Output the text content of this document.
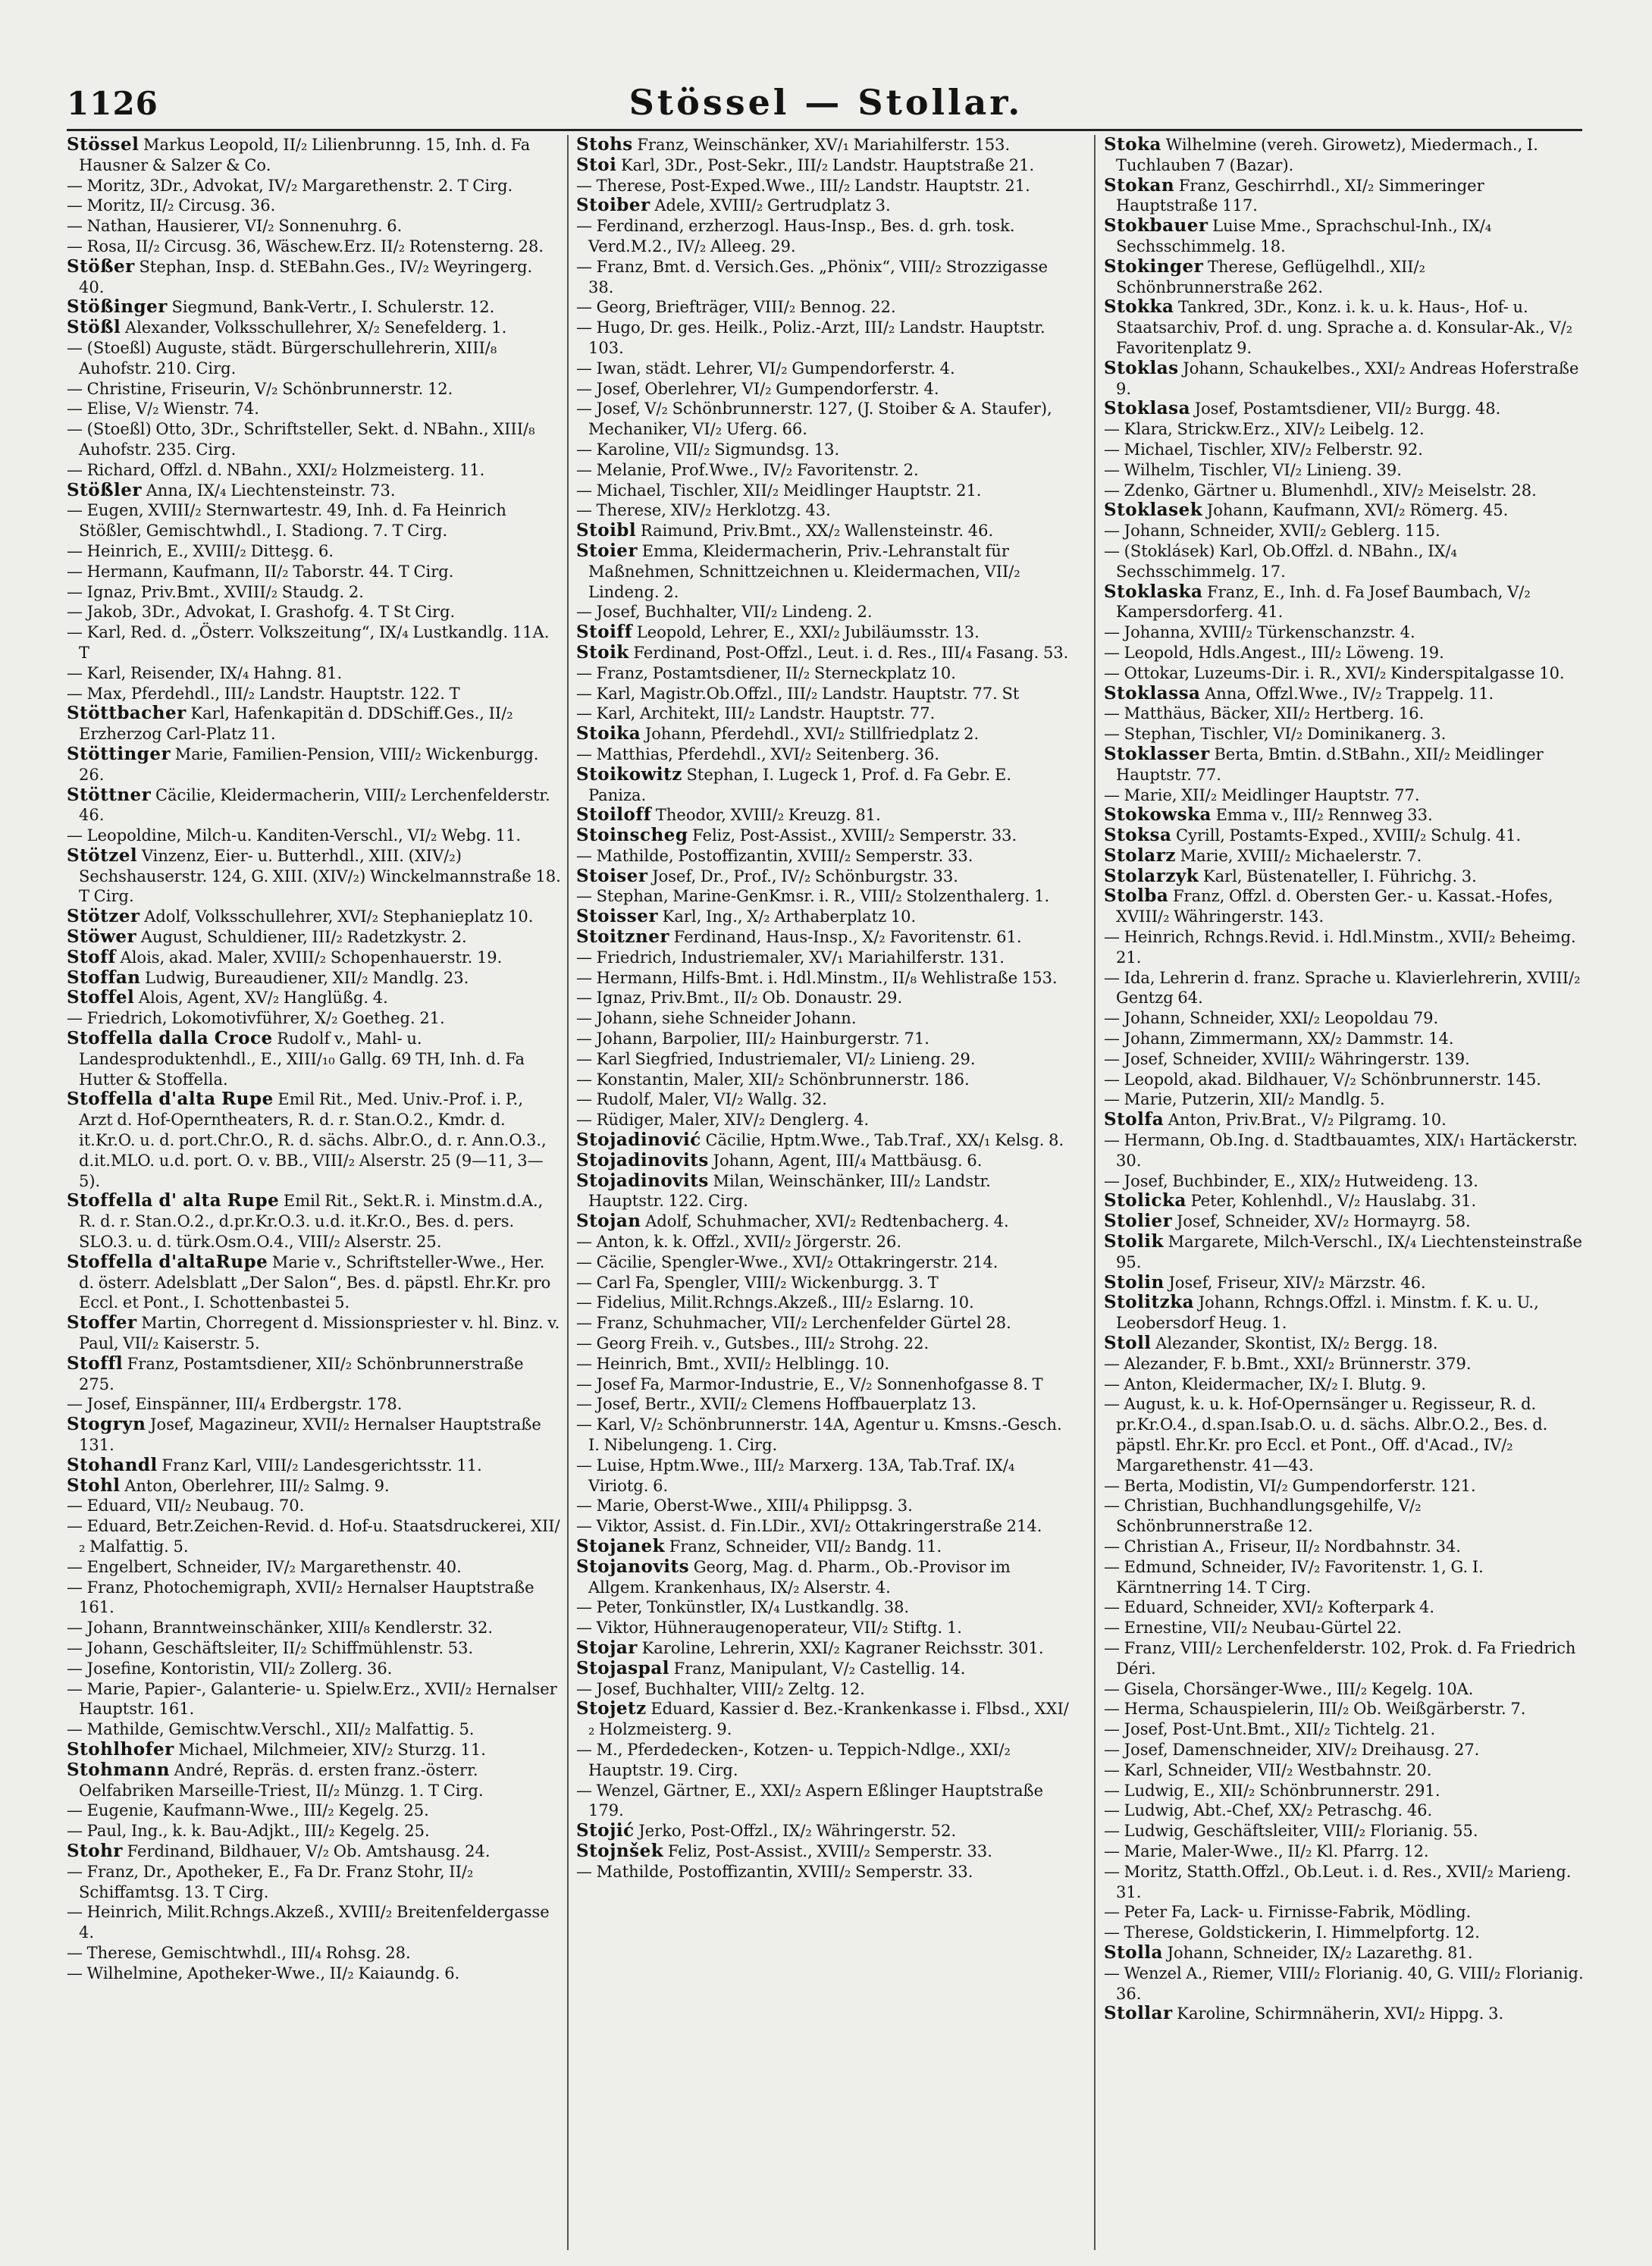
1126	Stössel — Stollar.

Stössel Markus Leopold, II/₂ Lilienbrunng. 15, Inh. d. Fa Hausner & Salzer & Co.

— Moritz, 3Dr., Advokat, IV/₂ Margarethenstr. 2. T Cirg.

— Moritz, II/₂ Circusg. 36.

— Nathan, Hausierer, VI/₂ Sonnenuhrg. 6.

— Rosa, II/₂ Circusg. 36, Wäschew.Erz. II/₂ Rotensterng. 28.

Stößer Stephan, Insp. d. StEBahn.Ges., IV/₂ Weyringerg. 40.

Stößinger Siegmund, Bank-Vertr., I. Schulerstr. 12.

Stößl Alexander, Volksschullehrer, X/₂ Senefelderg. 1.

— (Stoeßl) Auguste, städt. Bürgerschullehrerin, XIII/₈ Auhofstr. 210. Cirg.

— Christine, Friseurin, V/₂ Schönbrunnerstr. 12.

— Elise, V/₂ Wienstr. 74.

— (Stoeßl) Otto, 3Dr., Schriftsteller, Sekt. d. NBahn., XIII/₈ Auhofstr. 235. Cirg.

— Richard, Offzl. d. NBahn., XXI/₂ Holzmeisterg. 11.

Stößler Anna, IX/₄ Liechtensteinstr. 73.

— Eugen, XVIII/₂ Sternwartestr. 49, Inh. d. Fa Heinrich Stößler, Gemischtwhdl., I. Stadiong. 7. T Cirg.

— Heinrich, E., XVIII/₂ Ditteşg. 6.

— Hermann, Kaufmann, II/₂ Taborstr. 44. T Cirg.

— Ignaz, Priv.Bmt., XVIII/₂ Staudg. 2.

— Jakob, 3Dr., Advokat, I. Grashofg. 4. T St Cirg.

— Karl, Red. d. „Österr. Volkszeitung“, IX/₄ Lustkandlg. 11A. T

— Karl, Reisender, IX/₄ Hahng. 81.

— Max, Pferdehdl., III/₂ Landstr. Hauptstr. 122. T

Stöttbacher Karl, Hafenkapitän d. DDSchiff.Ges., II/₂ Erzherzog Carl-Platz 11.

Stöttinger Marie, Familien-Pension, VIII/₂ Wickenburgg. 26.

Stöttner Cäcilie, Kleidermacherin, VIII/₂ Lerchenfelderstr. 46.

— Leopoldine, Milch-u. Kanditen-Verschl., VI/₂ Webg. 11.

Stötzel Vinzenz, Eier- u. Butterhdl., XIII. (XIV/₂) Sechshauserstr. 124, G. XIII. (XIV/₂) Winckelmannstraße 18. T Cirg.

Stötzer Adolf, Volksschullehrer, XVI/₂ Stephanieplatz 10.

Stöwer August, Schuldiener, III/₂ Radetzkystr. 2.

Stoff Alois, akad. Maler, XVIII/₂ Schopenhauerstr. 19.

Stoffan Ludwig, Bureaudiener, XII/₂ Mandlg. 23.

Stoffel Alois, Agent, XV/₂ Hanglüßg. 4.

— Friedrich, Lokomotivführer, X/₂ Goetheg. 21.

Stoffella dalla Croce Rudolf v., Mahl- u. Landesproduktenhdl., E., XIII/₁₀ Gallg. 69 TH, Inh. d. Fa Hutter & Stoffella.

Stoffella d'alta Rupe Emil Rit., Med. Univ.-Prof. i. P., Arzt d. Hof-Operntheaters, R. d. r. Stan.O.2., Kmdr. d. it.Kr.O. u. d. port.Chr.O., R. d. sächs. Albr.O., d. r. Ann.O.3., d.it.MLO. u.d. port. O. v. BB., VIII/₂ Alserstr. 25 (9—11, 3—5).

Stoffella d' alta Rupe Emil Rit., Sekt.R. i. Minstm.d.A., R. d. r. Stan.O.2., d.pr.Kr.O.3. u.d. it.Kr.O., Bes. d. pers. SLO.3. u. d. türk.Osm.O.4., VIII/₂ Alserstr. 25.

Stoffella d'altaRupe Marie v., Schriftsteller-Wwe., Her. d. österr. Adelsblatt „Der Salon“, Bes. d. päpstl. Ehr.Kr. pro Eccl. et Pont., I. Schottenbastei 5.

Stoffer Martin, Chorregent d. Missionspriester v. hl. Binz. v. Paul, VII/₂ Kaiserstr. 5.

Stoffl Franz, Postamtsdiener, XII/₂ Schönbrunnerstraße 275.

— Josef, Einspänner, III/₄ Erdbergstr. 178.

Stogryn Josef, Magazineur, XVII/₂ Hernalser Hauptstraße 131.

Stohandl Franz Karl, VIII/₂ Landesgerichtsstr. 11.

Stohl Anton, Oberlehrer, III/₂ Salmg. 9.

— Eduard, VII/₂ Neubaug. 70.

— Eduard, Betr.Zeichen-Revid. d. Hof-u. Staatsdruckerei, XII/₂ Malfattig. 5.

— Engelbert, Schneider, IV/₂ Margarethenstr. 40.

— Franz, Photochemigraph, XVII/₂ Hernalser Hauptstraße 161.

— Johann, Branntweinschänker, XIII/₈ Kendlerstr. 32.

— Johann, Geschäftsleiter, II/₂ Schiffmühlenstr. 53.

— Josefine, Kontoristin, VII/₂ Zollerg. 36.

— Marie, Papier-, Galanterie- u. Spielw.Erz., XVII/₂ Hernalser Hauptstr. 161.

— Mathilde, Gemischtw.Verschl., XII/₂ Malfattig. 5.

Stohlhofer Michael, Milchmeier, XIV/₂ Sturzg. 11.

Stohmann André, Repräs. d. ersten franz.-österr. Oelfabriken Marseille-Triest, II/₂ Münzg. 1. T Cirg.

— Eugenie, Kaufmann-Wwe., III/₂ Kegelg. 25.

— Paul, Ing., k. k. Bau-Adjkt., III/₂ Kegelg. 25.

Stohr Ferdinand, Bildhauer, V/₂ Ob. Amtshausg. 24.

— Franz, Dr., Apotheker, E., Fa Dr. Franz Stohr, II/₂ Schiffamtsg. 13. T Cirg.

— Heinrich, Milit.Rchngs.Akzeß., XVIII/₂ Breitenfeldergasse 4.

— Therese, Gemischtwhdl., III/₄ Rohsg. 28.

— Wilhelmine, Apotheker-Wwe., II/₂ Kaiaundg. 6.

Stohs Franz, Weinschänker, XV/₁ Mariahilferstr. 153.

Stoi Karl, 3Dr., Post-Sekr., III/₂ Landstr. Hauptstraße 21.

— Therese, Post-Exped.Wwe., III/₂ Landstr. Hauptstr. 21.

Stoiber Adele, XVIII/₂ Gertrudplatz 3.

— Ferdinand, erzherzogl. Haus-Insp., Bes. d. grh. tosk. Verd.M.2., IV/₂ Alleeg. 29.

— Franz, Bmt. d. Versich.Ges. „Phönix“, VIII/₂ Strozzigasse 38.

— Georg, Briefträger, VIII/₂ Bennog. 22.

— Hugo, Dr. ges. Heilk., Poliz.-Arzt, III/₂ Landstr. Hauptstr. 103.

— Iwan, städt. Lehrer, VI/₂ Gumpendorferstr. 4.

— Josef, Oberlehrer, VI/₂ Gumpendorferstr. 4.

— Josef, V/₂ Schönbrunnerstr. 127, (J. Stoiber & A. Staufer), Mechaniker, VI/₂ Uferg. 66.

— Karoline, VII/₂ Sigmundsg. 13.

— Melanie, Prof.Wwe., IV/₂ Favoritenstr. 2.

— Michael, Tischler, XII/₂ Meidlinger Hauptstr. 21.

— Therese, XIV/₂ Herklotzg. 43.

Stoibl Raimund, Priv.Bmt., XX/₂ Wallensteinstr. 46.

Stoier Emma, Kleidermacherin, Priv.-Lehranstalt für Maßnehmen, Schnittzeichnen u. Kleidermachen, VII/₂ Lindeng. 2.

— Josef, Buchhalter, VII/₂ Lindeng. 2.

Stoiff Leopold, Lehrer, E., XXI/₂ Jubiläumsstr. 13.

Stoik Ferdinand, Post-Offzl., Leut. i. d. Res., III/₄ Fasang. 53.

— Franz, Postamtsdiener, II/₂ Sterneckplatz 10.

— Karl, Magistr.Ob.Offzl., III/₂ Landstr. Hauptstr. 77. St

— Karl, Architekt, III/₂ Landstr. Hauptstr. 77.

Stoika Johann, Pferdehdl., XVI/₂ Stillfriedplatz 2.

— Matthias, Pferdehdl., XVI/₂ Seitenberg. 36.

Stoikowitz Stephan, I. Lugeck 1, Prof. d. Fa Gebr. E. Paniza.

Stoiloff Theodor, XVIII/₂ Kreuzg. 81.

Stoinscheg Feliz, Post-Assist., XVIII/₂ Semperstr. 33.

— Mathilde, Postoffizantin, XVIII/₂ Semperstr. 33.

Stoiser Josef, Dr., Prof., IV/₂ Schönburgstr. 33.

— Stephan, Marine-GenKmsr. i. R., VIII/₂ Stolzenthalerg. 1.

Stoisser Karl, Ing., X/₂ Arthaberplatz 10.

Stoitzner Ferdinand, Haus-Insp., X/₂ Favoritenstr. 61.

— Friedrich, Industriemaler, XV/₁ Mariahilferstr. 131.

— Hermann, Hilfs-Bmt. i. Hdl.Minstm., II/₈ Wehlistraße 153.

— Ignaz, Priv.Bmt., II/₂ Ob. Donaustr. 29.

— Johann, siehe Schneider Johann.

— Johann, Barpolier, III/₂ Hainburgerstr. 71.

— Karl Siegfried, Industriemaler, VI/₂ Linieng. 29.

— Konstantin, Maler, XII/₂ Schönbrunnerstr. 186.

— Rudolf, Maler, VI/₂ Wallg. 32.

— Rüdiger, Maler, XIV/₂ Denglerg. 4.

Stojadinović Cäcilie, Hptm.Wwe., Tab.Traf., XX/₁ Kelsg. 8.

Stojadinovits Johann, Agent, III/₄ Mattbäusg. 6.

Stojadinovits Milan, Weinschänker, III/₂ Landstr. Hauptstr. 122. Cirg.

Stojan Adolf, Schuhmacher, XVI/₂ Redtenbacherg. 4.

— Anton, k. k. Offzl., XVII/₂ Jörgerstr. 26.

— Cäcilie, Spengler-Wwe., XVI/₂ Ottakringerstr. 214.

— Carl Fa, Spengler, VIII/₂ Wickenburgg. 3. T

— Fidelius, Milit.Rchngs.Akzeß., III/₂ Eslarng. 10.

— Franz, Schuhmacher, VII/₂ Lerchenfelder Gürtel 28.

— Georg Freih. v., Gutsbes., III/₂ Strohg. 22.

— Heinrich, Bmt., XVII/₂ Helblingg. 10.

— Josef Fa, Marmor-Industrie, E., V/₂ Sonnenhofgasse 8. T

— Josef, Bertr., XVII/₂ Clemens Hoffbauerplatz 13.

— Karl, V/₂ Schönbrunnerstr. 14A, Agentur u. Kmsns.-Gesch. I. Nibelungeng. 1. Cirg.

— Luise, Hptm.Wwe., III/₂ Marxerg. 13A, Tab.Traf. IX/₄ Viriotg. 6.

— Marie, Oberst-Wwe., XIII/₄ Philippsg. 3.

— Viktor, Assist. d. Fin.LDir., XVI/₂ Ottakringerstraße 214.

Stojanek Franz, Schneider, VII/₂ Bandg. 11.

Stojanovits Georg, Mag. d. Pharm., Ob.-Provisor im Allgem. Krankenhaus, IX/₂ Alserstr. 4.

— Peter, Tonkünstler, IX/₄ Lustkandlg. 38.

— Viktor, Hühneraugenoperateur, VII/₂ Stiftg. 1.

Stojar Karoline, Lehrerin, XXI/₂ Kagraner Reichsstr. 301.

Stojaspal Franz, Manipulant, V/₂ Castellig. 14.

— Josef, Buchhalter, VIII/₂ Zeltg. 12.

Stojetz Eduard, Kassier d. Bez.-Krankenkasse i. Flbsd., XXI/₂ Holzmeisterg. 9.

— M., Pferdedecken-, Kotzen- u. Teppich-Ndlge., XXI/₂ Hauptstr. 19. Cirg.

— Wenzel, Gärtner, E., XXI/₂ Aspern Eßlinger Hauptstraße 179.

Stojić Jerko, Post-Offzl., IX/₂ Währingerstr. 52.

Stojnšek Feliz, Post-Assist., XVIII/₂ Semperstr. 33.

— Mathilde, Postoffizantin, XVIII/₂ Semperstr. 33.

Stoka Wilhelmine (vereh. Girowetz), Miedermach., I. Tuchlauben 7 (Bazar).

Stokan Franz, Geschirrhdl., XI/₂ Simmeringer Hauptstraße 117.

Stokbauer Luise Mme., Sprachschul-Inh., IX/₄ Sechsschimmelg. 18.

Stokinger Therese, Geflügelhdl., XII/₂ Schönbrunnerstraße 262.

Stokka Tankred, 3Dr., Konz. i. k. u. k. Haus-, Hof- u. Staatsarchiv, Prof. d. ung. Sprache a. d. Konsular-Ak., V/₂ Favoritenplatz 9.

Stoklas Johann, Schaukelbes., XXI/₂ Andreas Hoferstraße 9.

Stoklasa Josef, Postamtsdiener, VII/₂ Burgg. 48.

— Klara, Strickw.Erz., XIV/₂ Leibelg. 12.

— Michael, Tischler, XIV/₂ Felberstr. 92.

— Wilhelm, Tischler, VI/₂ Linieng. 39.

— Zdenko, Gärtner u. Blumenhdl., XIV/₂ Meiselstr. 28.

Stoklasek Johann, Kaufmann, XVI/₂ Römerg. 45.

— Johann, Schneider, XVII/₂ Geblerg. 115.

— (Stoklásek) Karl, Ob.Offzl. d. NBahn., IX/₄ Sechsschimmelg. 17.

Stoklaska Franz, E., Inh. d. Fa Josef Baumbach, V/₂ Kampersdorferg. 41.

— Johanna, XVIII/₂ Türkenschanzstr. 4.

— Leopold, Hdls.Angest., III/₂ Löweng. 19.

— Ottokar, Luzeums-Dir. i. R., XVI/₂ Kinderspitalgasse 10.

Stoklassa Anna, Offzl.Wwe., IV/₂ Trappelg. 11.

— Matthäus, Bäcker, XII/₂ Hertberg. 16.

— Stephan, Tischler, VI/₂ Dominikanerg. 3.

Stoklasser Berta, Bmtin. d.StBahn., XII/₂ Meidlinger Hauptstr. 77.

— Marie, XII/₂ Meidlinger Hauptstr. 77.

Stokowska Emma v., III/₂ Rennweg 33.

Stoksa Cyrill, Postamts-Exped., XVIII/₂ Schulg. 41.

Stolarz Marie, XVIII/₂ Michaelerstr. 7.

Stolarzyk Karl, Büstenateller, I. Führichg. 3.

Stolba Franz, Offzl. d. Obersten Ger.- u. Kassat.-Hofes, XVIII/₂ Währingerstr. 143.

— Heinrich, Rchngs.Revid. i. Hdl.Minstm., XVII/₂ Beheimg. 21.

— Ida, Lehrerin d. franz. Sprache u. Klavierlehrerin, XVIII/₂ Gentzg 64.

— Johann, Schneider, XXI/₂ Leopoldau 79.

— Johann, Zimmermann, XX/₂ Dammstr. 14.

— Josef, Schneider, XVIII/₂ Währingerstr. 139.

— Leopold, akad. Bildhauer, V/₂ Schönbrunnerstr. 145.

— Marie, Putzerin, XII/₂ Mandlg. 5.

Stolfa Anton, Priv.Brat., V/₂ Pilgramg. 10.

— Hermann, Ob.Ing. d. Stadtbauamtes, XIX/₁ Hartäckerstr. 30.

— Josef, Buchbinder, E., XIX/₂ Hutweideng. 13.

Stolicka Peter, Kohlenhdl., V/₂ Hauslabg. 31.

Stolier Josef, Schneider, XV/₂ Hormayrg. 58.

Stolik Margarete, Milch-Verschl., IX/₄ Liechtensteinstraße 95.

Stolin Josef, Friseur, XIV/₂ Märzstr. 46.

Stolitzka Johann, Rchngs.Offzl. i. Minstm. f. K. u. U., Leobersdorf Heug. 1.

Stoll Alezander, Skontist, IX/₂ Bergg. 18.

— Alezander, F. b.Bmt., XXI/₂ Brünnerstr. 379.

— Anton, Kleidermacher, IX/₂ I. Blutg. 9.

— August, k. u. k. Hof-Opernsänger u. Regisseur, R. d. pr.Kr.O.4., d.span.Isab.O. u. d. sächs. Albr.O.2., Bes. d. päpstl. Ehr.Kr. pro Eccl. et Pont., Off. d'Acad., IV/₂ Margarethenstr. 41—43.

— Berta, Modistin, VI/₂ Gumpendorferstr. 121.

— Christian, Buchhandlungsgehilfe, V/₂ Schönbrunnerstraße 12.

— Christian A., Friseur, II/₂ Nordbahnstr. 34.

— Edmund, Schneider, IV/₂ Favoritenstr. 1, G. I. Kärntnerring 14. T Cirg.

— Eduard, Schneider, XVI/₂ Kofterpark 4.

— Ernestine, VII/₂ Neubau-Gürtel 22.

— Franz, VIII/₂ Lerchenfelderstr. 102, Prok. d. Fa Friedrich Déri.

— Gisela, Chorsänger-Wwe., III/₂ Kegelg. 10A.

— Herma, Schauspielerin, III/₂ Ob. Weißgärberstr. 7.

— Josef, Post-Unt.Bmt., XII/₂ Tichtelg. 21.

— Josef, Damenschneider, XIV/₂ Dreihausg. 27.

— Karl, Schneider, VII/₂ Westbahnstr. 20.

— Ludwig, E., XII/₂ Schönbrunnerstr. 291.

— Ludwig, Abt.-Chef, XX/₂ Petraschg. 46.

— Ludwig, Geschäftsleiter, VIII/₂ Florianig. 55.

— Marie, Maler-Wwe., II/₂ Kl. Pfarrg. 12.

— Moritz, Statth.Offzl., Ob.Leut. i. d. Res., XVII/₂ Marieng. 31.

— Peter Fa, Lack- u. Firnisse-Fabrik, Mödling.

— Therese, Goldstickerin, I. Himmelpfortg. 12.

Stolla Johann, Schneider, IX/₂ Lazarethg. 81.

— Wenzel A., Riemer, VIII/₂ Florianig. 40, G. VIII/₂ Florianig. 36.

Stollar Karoline, Schirmnäherin, XVI/₂ Hippg. 3.
